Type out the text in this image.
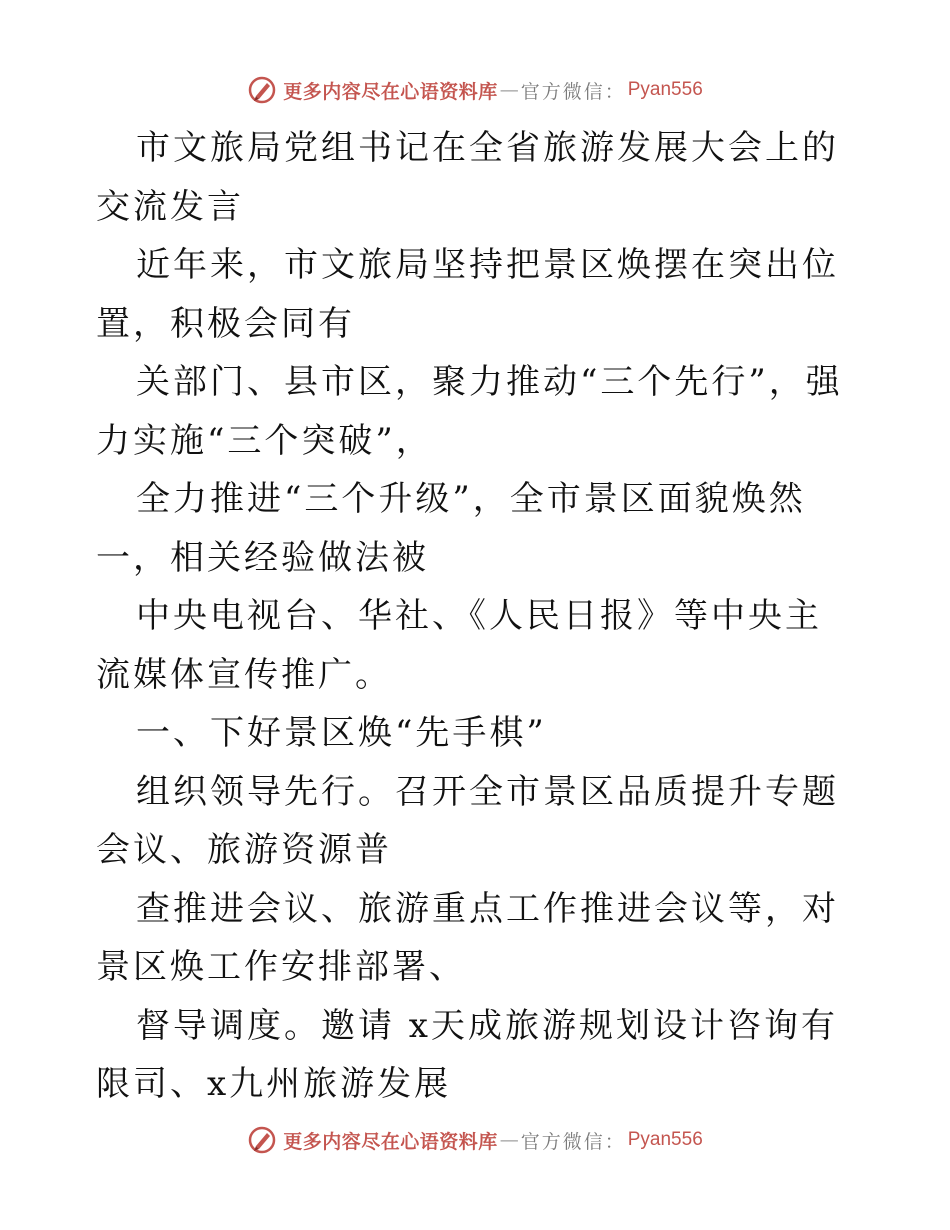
更多内容尽在心语资料库 — 官方微信： Pyan556

市文旅局党组书记在全省旅游发展大会上的交流发言

近年来，市文旅局坚持把景区焕摆在突出位置，积极会同有

关部门、县市区，聚力推动“三个先行”，强力实施“三个突破”，

全力推进“三个升级”，全市景区面貌焕然一，相关经验做法被

中央电视台、华社、《人民日报》等中央主流媒体宣传推广。

一、下好景区焕“先手棋”

组织领导先行。召开全市景区品质提升专题会议、旅游资源普

查推进会议、旅游重点工作推进会议等，对景区焕工作安排部署、

督导调度。邀请 x天成旅游规划设计咨询有限司、x九州旅游发展

更多内容尽在心语资料库 — 官方微信： Pyan556
